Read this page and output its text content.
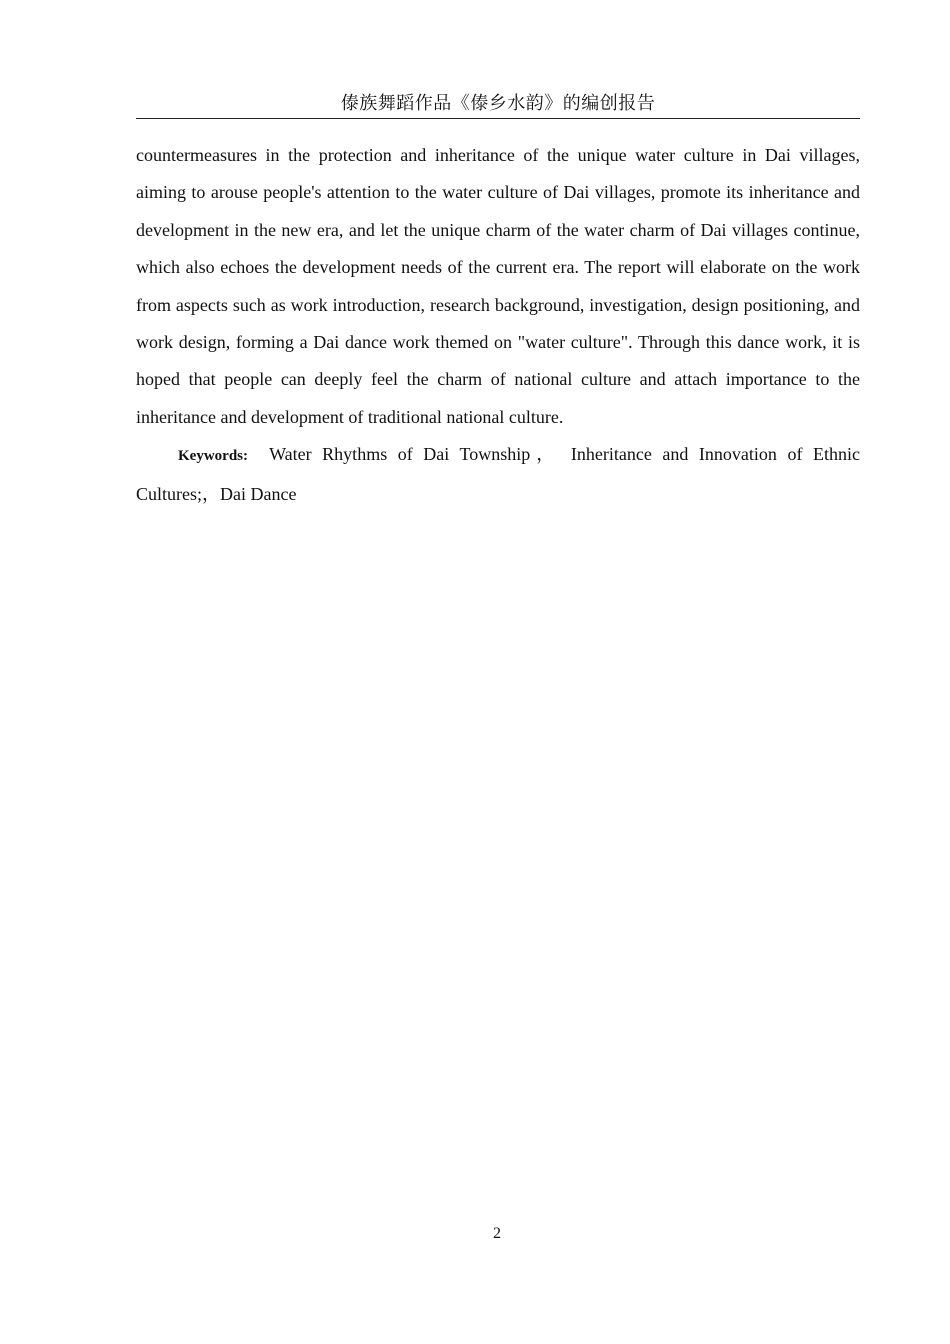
傣族舞蹈作品《傣乡水韵》的编创报告

countermeasures in the protection and inheritance of the unique water culture in Dai villages, aiming to arouse people's attention to the water culture of Dai villages, promote its inheritance and development in the new era, and let the unique charm of the water charm of Dai villages continue, which also echoes the development needs of the current era. The report will elaborate on the work from aspects such as work introduction, research background, investigation, design positioning, and work design, forming a Dai dance work themed on "water culture". Through this dance work, it is hoped that people can deeply feel the charm of national culture and attach importance to the inheritance and development of traditional national culture.

Keywords: Water Rhythms of Dai Township， Inheritance and Innovation of Ethnic Cultures;，Dai Dance

2
